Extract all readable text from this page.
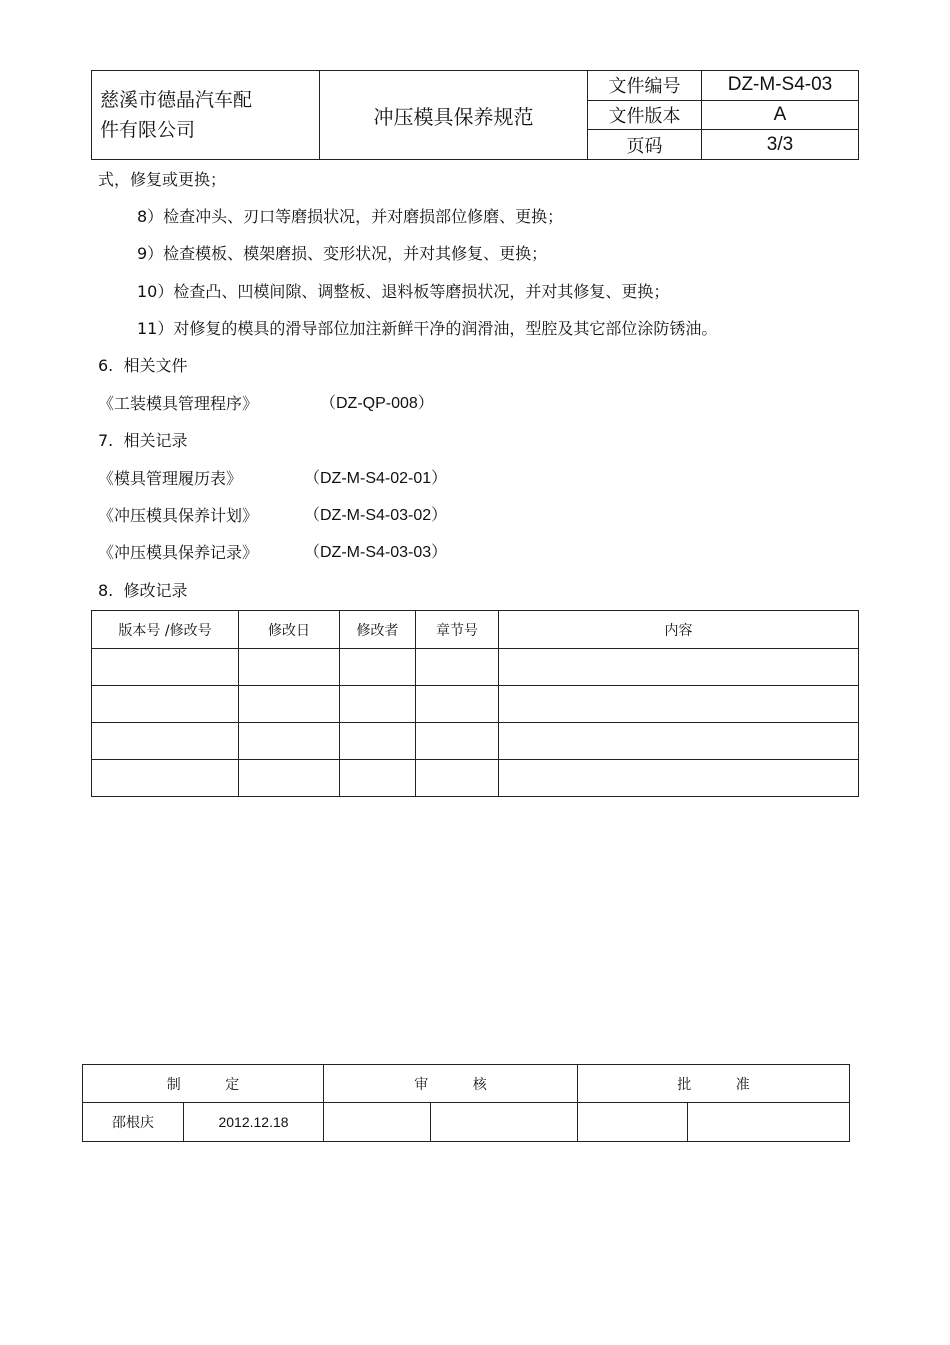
慈溪市德晶汽车配
件有限公司	冲压模具保养规范	文件编号	DZ-M-S4-03
		文件版本	A
		页码	3/3
式，修复或更换；
8）检查冲头、刃口等磨损状况，并对磨损部位修磨、更换；
9）检查模板、模架磨损、变形状况，并对其修复、更换；
10）检查凸、凹模间隙、调整板、退料板等磨损状况，并对其修复、更换；
11）对修复的模具的滑导部位加注新鲜干净的润滑油，型腔及其它部位涂防锈油。
6.  相关文件
《工装模具管理程序》	（DZ-QP-008）
7.  相关记录
《模具管理履历表》	（DZ-M-S4-02-01）
《冲压模具保养计划》	（DZ-M-S4-03-02）
《冲压模具保养记录》	（DZ-M-S4-03-03）
8.  修改记录
版本号 /修改号	修改日	修改者	章节号	内容

制          定		审          核		批          准	
邵根庆	2012.12.18				
